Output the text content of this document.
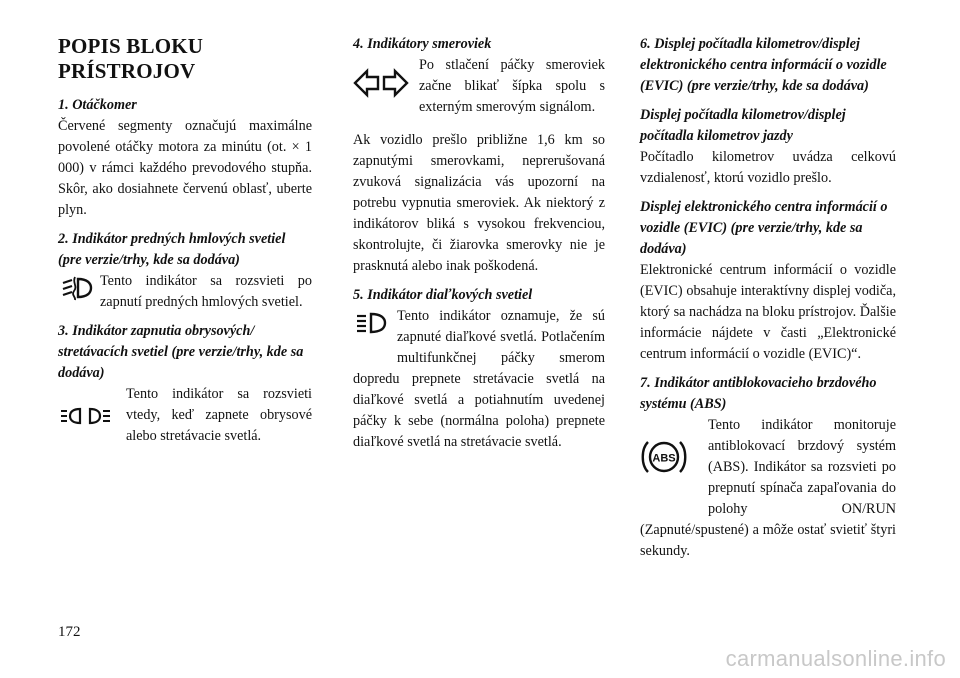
POPIS BLOKU
PRÍSTROJOV
1. Otáčkomer

Červené segmenty označujú maximálne povolené otáčky motora za minútu (ot. × 1 000) v rámci každého prevodového stupňa. Skôr, ako dosiahnete červenú oblasť, uberte plyn.

2. Indikátor predných hmlových svetiel (pre verzie/trhy, kde sa dodáva)

Tento indikátor sa rozsvieti po zapnutí predných hmlových svetiel.

3. Indikátor zapnutia obrysových/ stretávacích svetiel (pre verzie/trhy, kde sa dodáva)

Tento indikátor sa rozsvieti vtedy, keď zapnete obrysové alebo stretávacie svetlá.

4. Indikátory smeroviek

Po stlačení páčky smeroviek začne blikať šípka spolu s externým smerovým signálom.

Ak vozidlo prešlo približne 1,6 km so zapnutými smerovkami, neprerušovaná zvuková signalizácia vás upozorní na potrebu vypnutia smeroviek. Ak niektorý z indikátorov bliká s vysokou frekvenciou, skontrolujte, či žiarovka smerovky nie je prasknutá alebo inak poškodená.

5. Indikátor diaľkových svetiel

Tento indikátor oznamuje, že sú zapnuté diaľkové svetlá. Potlačením multifunkčnej páčky smerom dopredu prepnete stretávacie svetlá na diaľkové svetlá a potiahnutím uvedenej páčky k sebe (normálna poloha) prepnete diaľkové svetlá na stretávacie svetlá.

6. Displej počítadla kilometrov/displej elektronického centra informácií o vozidle (EVIC) (pre verzie/trhy, kde sa dodáva)
Displej počítadla kilometrov/displej počítadla kilometrov jazdy

Počítadlo kilometrov uvádza celkovú vzdialenosť, ktorú vozidlo prešlo.

Displej elektronického centra informácií o vozidle (EVIC) (pre verzie/trhy, kde sa dodáva)

Elektronické centrum informácií o vozidle (EVIC) obsahuje interaktívny displej vodiča, ktorý sa nachádza na bloku prístrojov. Ďalšie informácie nájdete v časti „Elektronické centrum informácií o vozidle (EVIC)“.

7. Indikátor antiblokovacieho brzdového systému (ABS)
ABS

Tento indikátor monitoruje antiblokovací brzdový systém (ABS). Indikátor sa rozsvieti po prepnutí spínača zapaľovania do polohy ON/RUN (Zapnuté/spustené) a môže ostať svietiť štyri sekundy.

172
carmanualsonline.info
